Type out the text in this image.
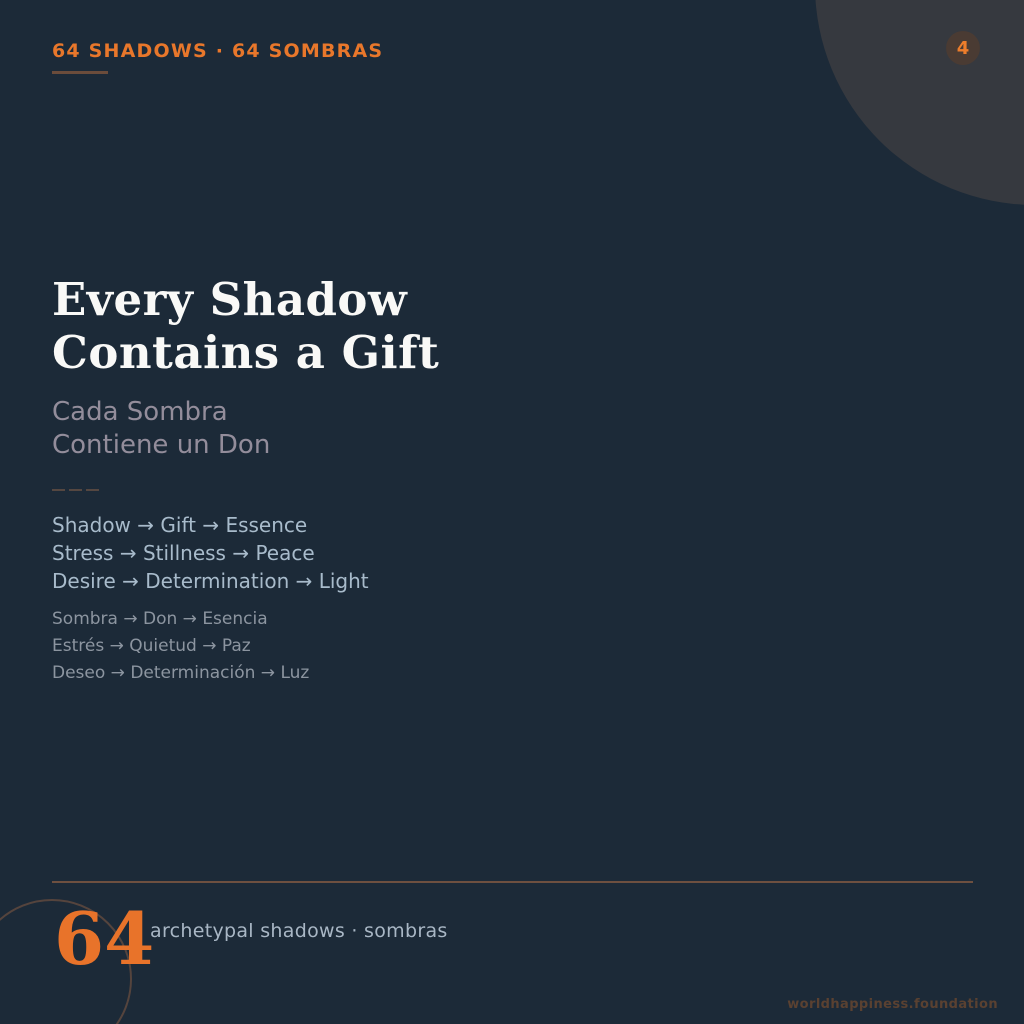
4
64 SHADOWS · 64 SOMBRAS
Every Shadow
Contains a Gift
Cada Sombra
Contiene un Don
Shadow → Gift → Essence
Stress → Stillness → Peace
Desire → Determination → Light
Sombra → Don → Esencia
Estrés → Quietud → Paz
Deseo → Determinación → Luz
64
archetypal shadows · sombras
worldhappiness.foundation
